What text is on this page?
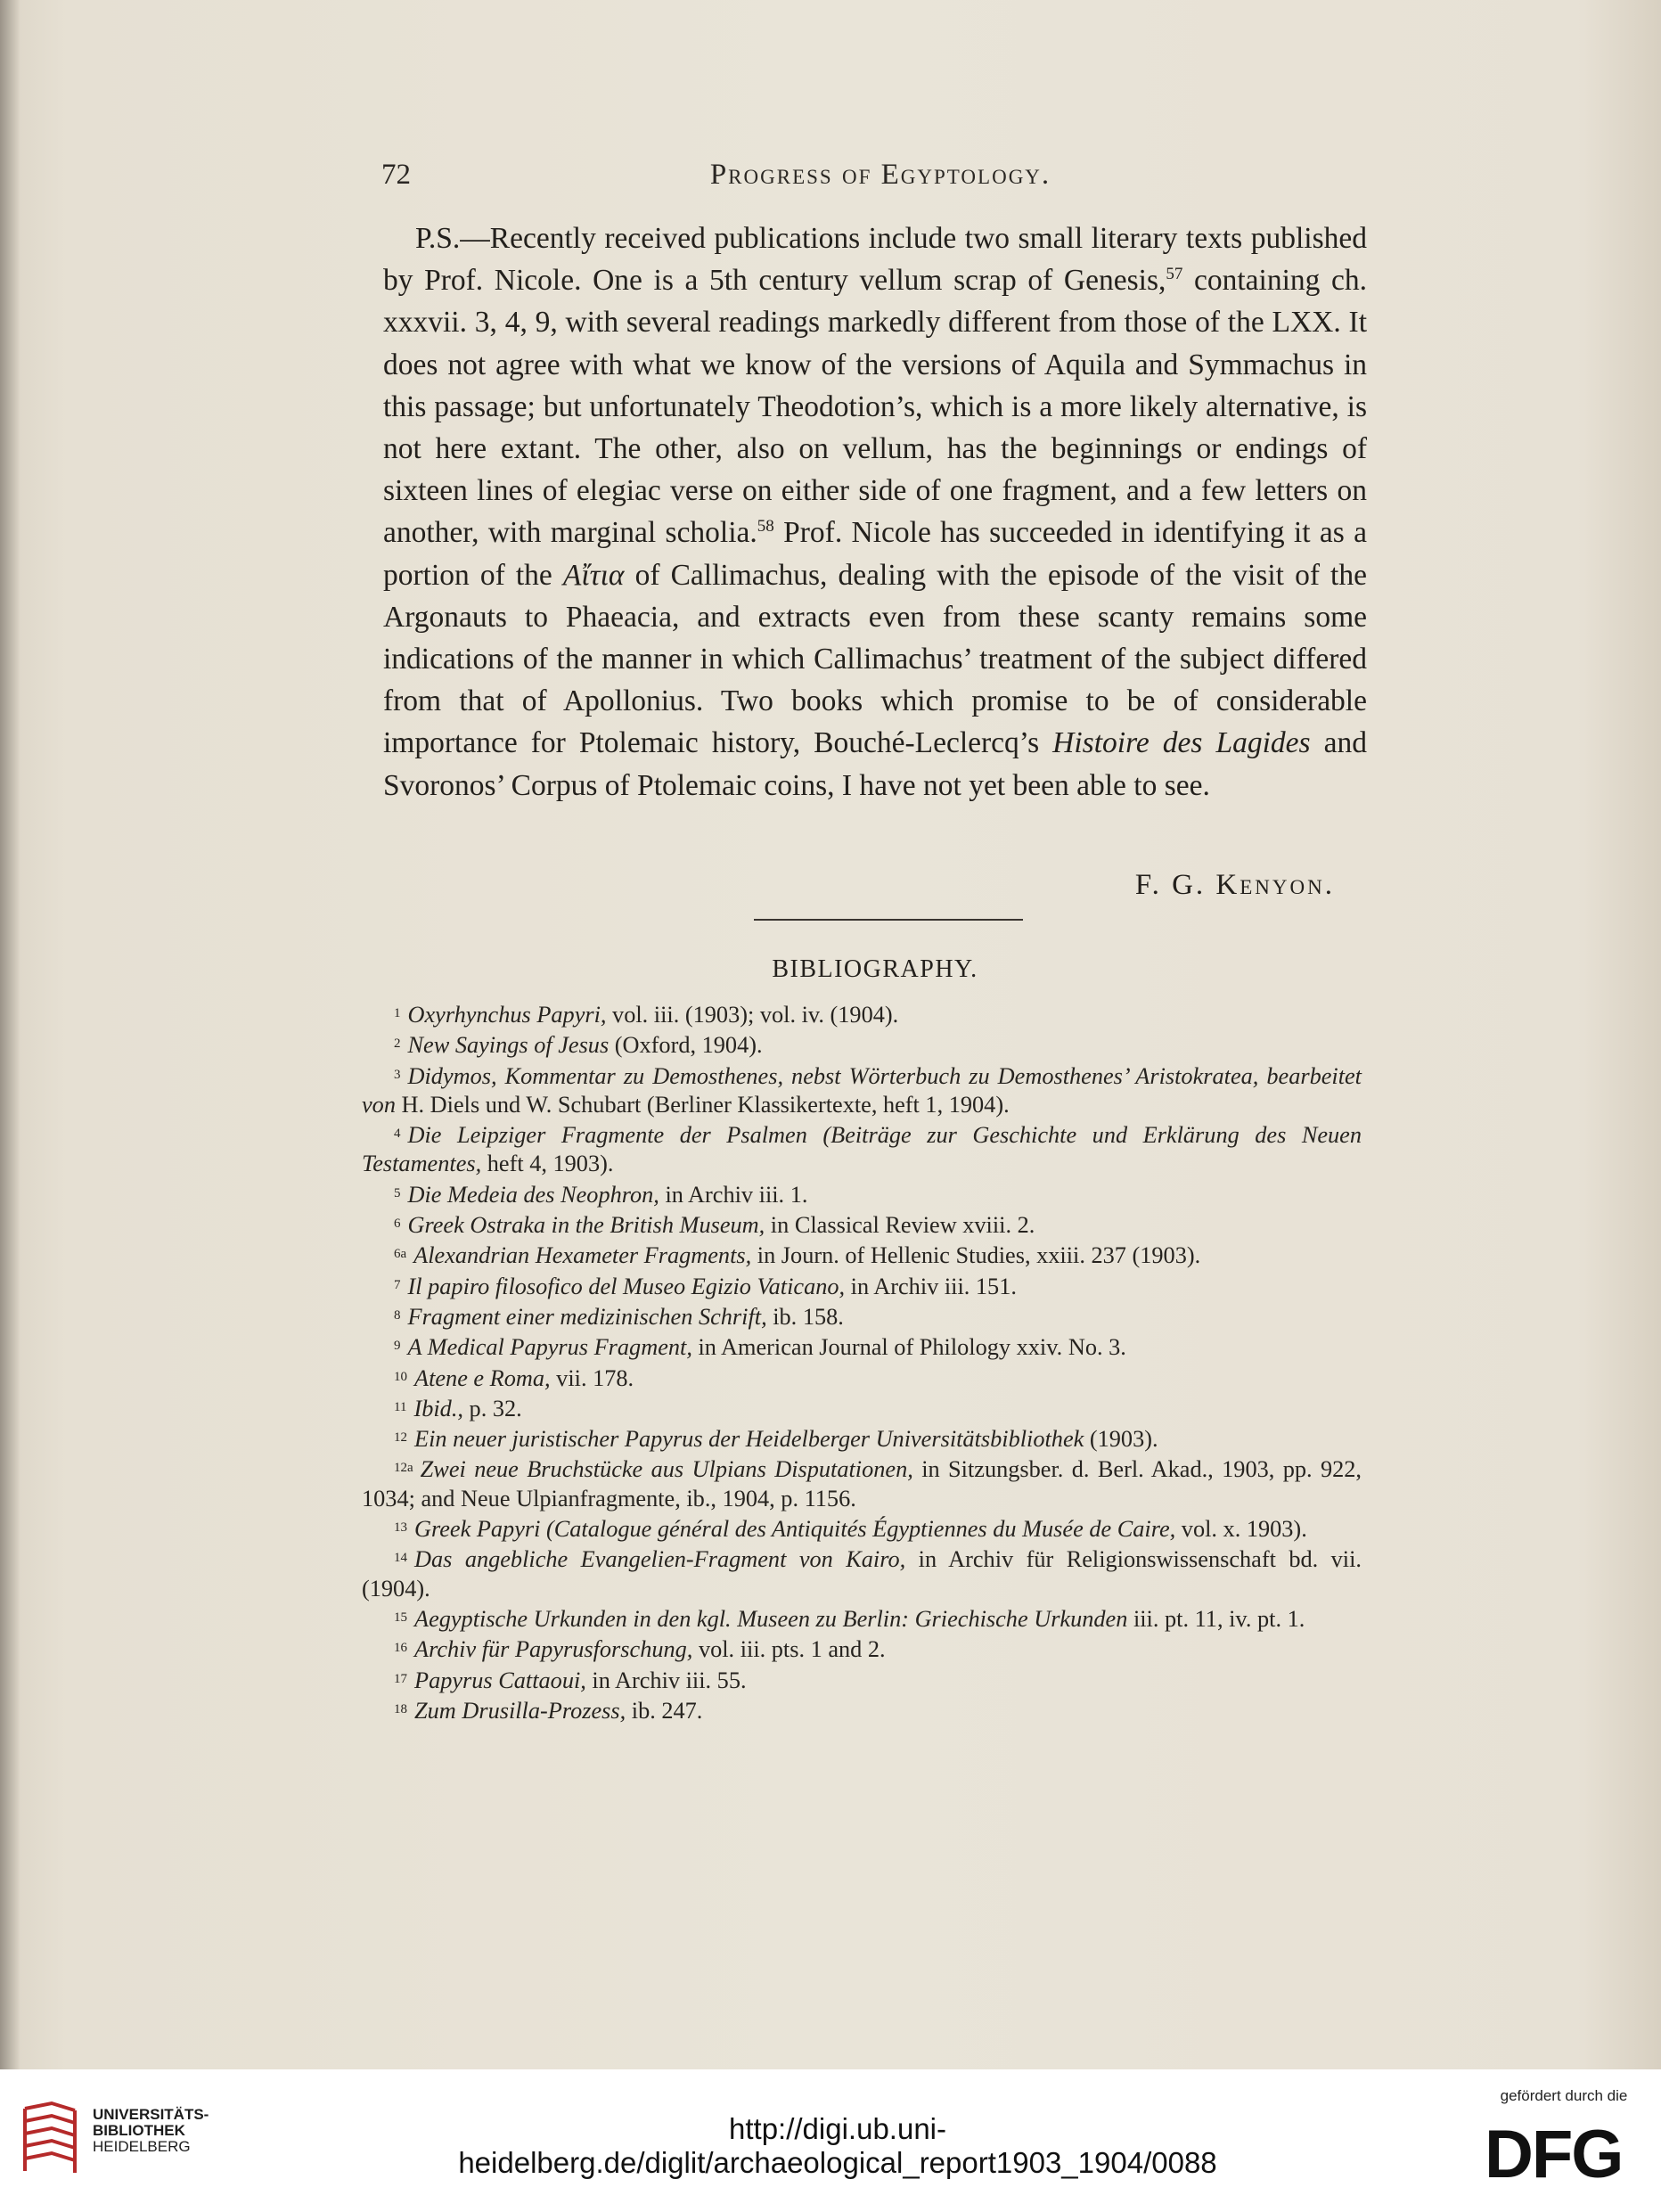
72	Progress of Egyptology.

P.S.—Recently received publications include two small literary texts published by Prof. Nicole. One is a 5th century vellum scrap of Genesis,$^{57}$ containing ch. xxxvii. 3, 4, 9, with several readings markedly different from those of the LXX. It does not agree with what we know of the versions of Aquila and Symmachus in this passage; but unfortunately Theodotion’s, which is a more likely alternative, is not here extant. The other, also on vellum, has the beginnings or endings of sixteen lines of elegiac verse on either side of one fragment, and a few letters on another, with marginal scholia.$^{58}$ Prof. Nicole has succeeded in identifying it as a portion of the Αἴτια of Callimachus, dealing with the episode of the visit of the Argonauts to Phaeacia, and extracts even from these scanty remains some indications of the manner in which Callimachus’ treatment of the subject differed from that of Apollonius. Two books which promise to be of considerable importance for Ptolemaic history, Bouché-Leclercq’s Histoire des Lagides and Svoronos’ Corpus of Ptolemaic coins, I have not yet been able to see.

F. G. Kenyon.
BIBLIOGRAPHY.
$^1$ Oxyrhynchus Papyri, vol. iii. (1903); vol. iv. (1904).
$^2$ New Sayings of Jesus (Oxford, 1904).
$^3$ Didymos, Kommentar zu Demosthenes, nebst Wörterbuch zu Demosthenes’ Aristokratea, bearbeitet von H. Diels und W. Schubart (Berliner Klassikertexte, heft 1, 1904).
$^4$ Die Leipziger Fragmente der Psalmen (Beiträge zur Geschichte und Erklärung des Neuen Testamentes, heft 4, 1903).
$^5$ Die Medeia des Neophron, in Archiv iii. 1.
$^6$ Greek Ostraka in the British Museum, in Classical Review xviii. 2.
$^{6a}$ Alexandrian Hexameter Fragments, in Journ. of Hellenic Studies, xxiii. 237 (1903).
$^7$ Il papiro filosofico del Museo Egizio Vaticano, in Archiv iii. 151.
$^8$ Fragment einer medizinischen Schrift, ib. 158.
$^9$ A Medical Papyrus Fragment, in American Journal of Philology xxiv. No. 3.
$^{10}$ Atene e Roma, vii. 178.
$^{11}$ Ibid., p. 32.
$^{12}$ Ein neuer juristischer Papyrus der Heidelberger Universitätsbibliothek (1903).
$^{12a}$ Zwei neue Bruchstücke aus Ulpians Disputationen, in Sitzungsber. d. Berl. Akad., 1903, pp. 922, 1034; and Neue Ulpianfragmente, ib., 1904, p. 1156.
$^{13}$ Greek Papyri (Catalogue général des Antiquités Égyptiennes du Musée de Caire, vol. x. 1903).
$^{14}$ Das angebliche Evangelien-Fragment von Kairo, in Archiv für Religionswissenschaft bd. vii. (1904).
$^{15}$ Aegyptische Urkunden in den kgl. Museen zu Berlin: Griechische Urkunden iii. pt. 11, iv. pt. 1.
$^{16}$ Archiv für Papyrusforschung, vol. iii. pts. 1 and 2.
$^{17}$ Papyrus Cattaoui, in Archiv iii. 55.
$^{18}$ Zum Drusilla-Prozess, ib. 247.
UNIVERSITÄTS-
BIBLIOTHEK
HEIDELBERG
http://digi.ub.uni-heidelberg.de/diglit/archaeological_report1903_1904/0088
gefördert durch die
DFG
